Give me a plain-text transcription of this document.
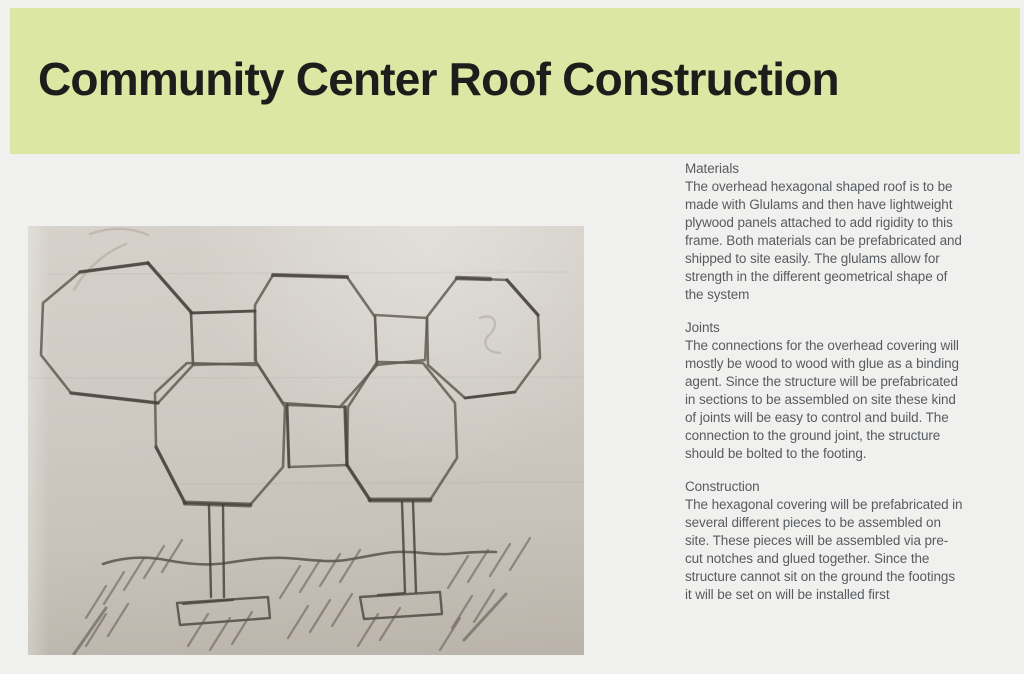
Community Center Roof Construction
Materials

The overhead hexagonal shaped roof is to be made with Glulams and then have lightweight plywood panels attached to add rigidity to this frame. Both materials can be prefabricated and shipped to site easily. The glulams allow for strength in the different geometrical shape of the system

Joints

The connections for the overhead covering will mostly be wood to wood with glue as a binding agent. Since the structure will be prefabricated in sections to be assembled on site these kind of joints will be easy to control and build. The connection to the ground joint, the structure should be bolted to the footing.

Construction

The hexagonal covering will be prefabricated in several different pieces to be assembled on site. These pieces will be assembled via pre-cut notches and glued together. Since the structure cannot sit on the ground the footings it will be set on will be installed first
